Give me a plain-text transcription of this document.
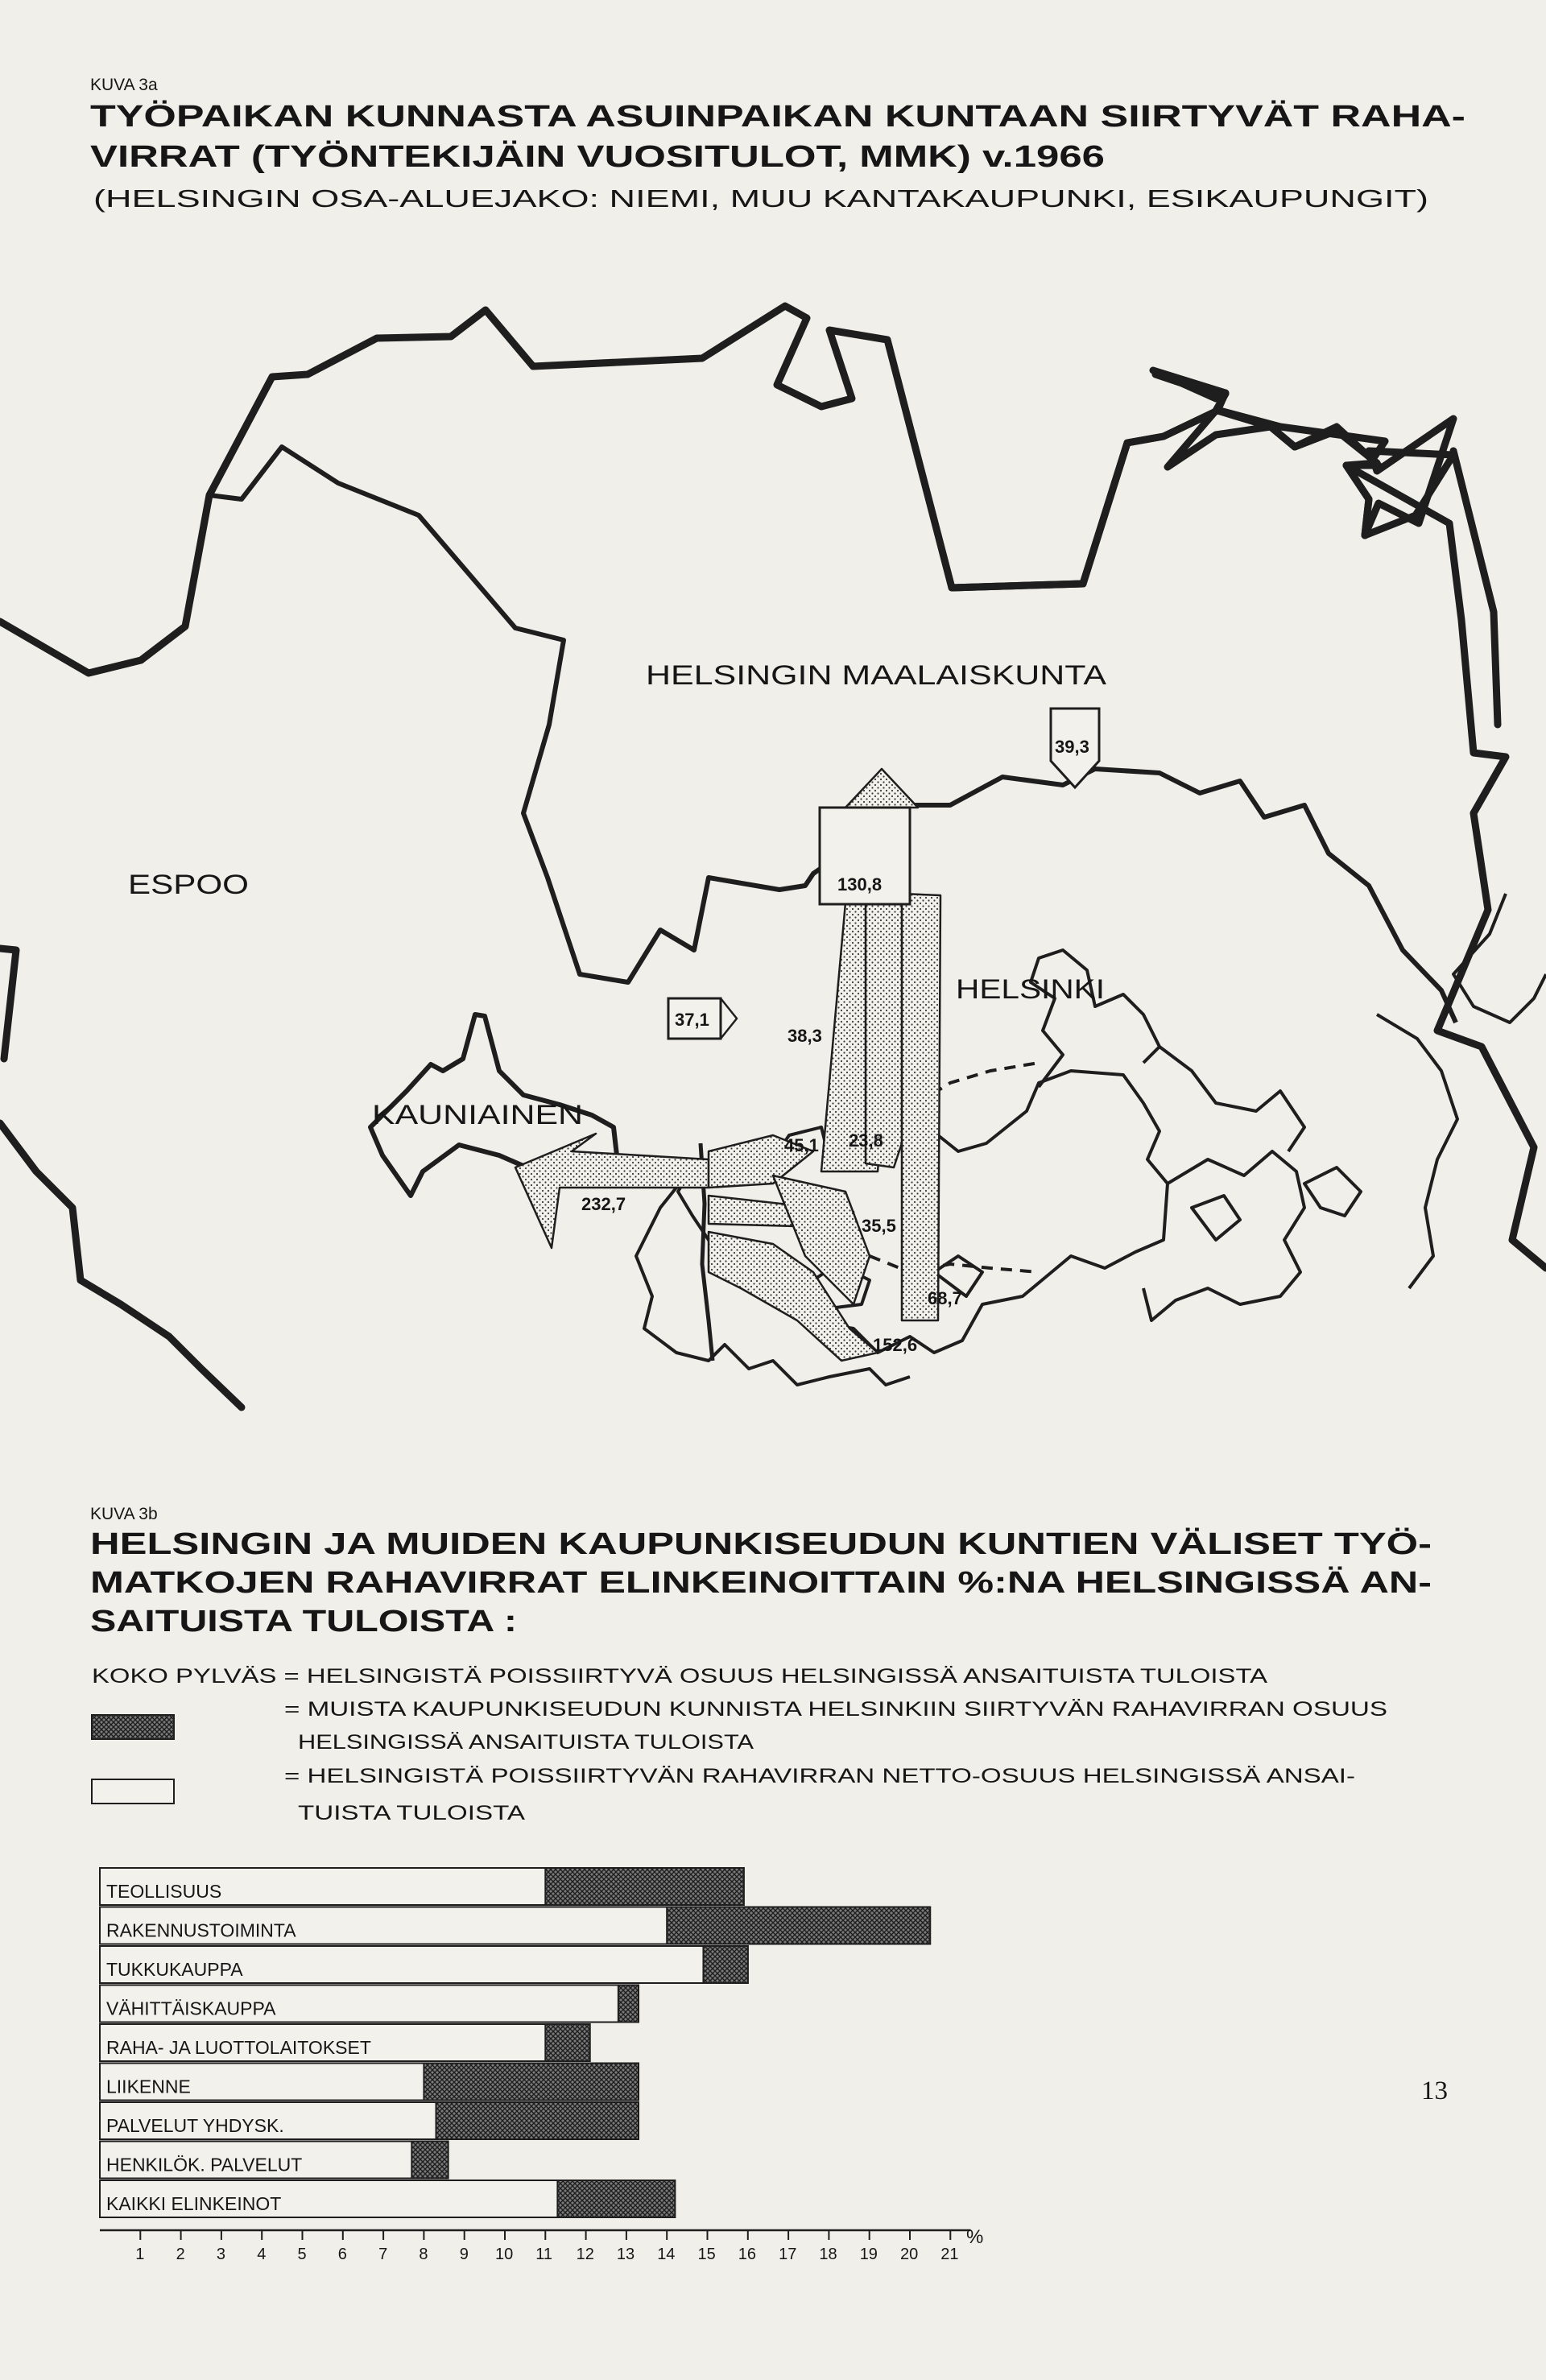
KUVA 3a
TYÖPAIKAN KUNNASTA ASUINPAIKAN KUNTAAN SIIRTYVÄT RAHA-
VIRRAT (TYÖNTEKIJÄIN VUOSITULOT, MMK) v.1966
(HELSINGIN OSA-ALUEJAKO: NIEMI, MUU KANTAKAUPUNKI, ESIKAUPUNGIT)
HELSINGIN MAALAISKUNTA
ESPOO
HELSINKI
KAUNIAINEN
39,3
130,8
38,3
37,1
45,1 23,8
232,7
35,5
68,7
152,6
KUVA 3b
HELSINGIN JA MUIDEN KAUPUNKISEUDUN KUNTIEN VÄLISET TYÖ-
MATKOJEN RAHAVIRRAT ELINKEINOITTAIN %:NA HELSINGISSÄ AN-
SAITUISTA TULOISTA :
KOKO PYLVÄS = HELSINGISTÄ POISSIIRTYVÄ OSUUS HELSINGISSÄ ANSAITUISTA TULOISTA
= MUISTA KAUPUNKISEUDUN KUNNISTA HELSINKIIN SIIRTYVÄN RAHAVIRRAN OSUUS
HELSINGISSÄ ANSAITUISTA TULOISTA
= HELSINGISTÄ POISSIIRTYVÄN RAHAVIRRAN NETTO-OSUUS HELSINGISSÄ ANSAI-
TUISTA TULOISTA
TEOLLISUUS
RAKENNUSTOIMINTA
TUKKUKAUPPA
VÄHITTÄISKAUPPA
RAHA- JA LUOTTOLAITOKSET
LIIKENNE
PALVELUT YHDYSK.
HENKILÖK. PALVELUT
KAIKKI ELINKEINOT
1 2 3 4 5 6 7 8 9 10 11 12 13 14 15 16 17 18 19 20 21
%
13
